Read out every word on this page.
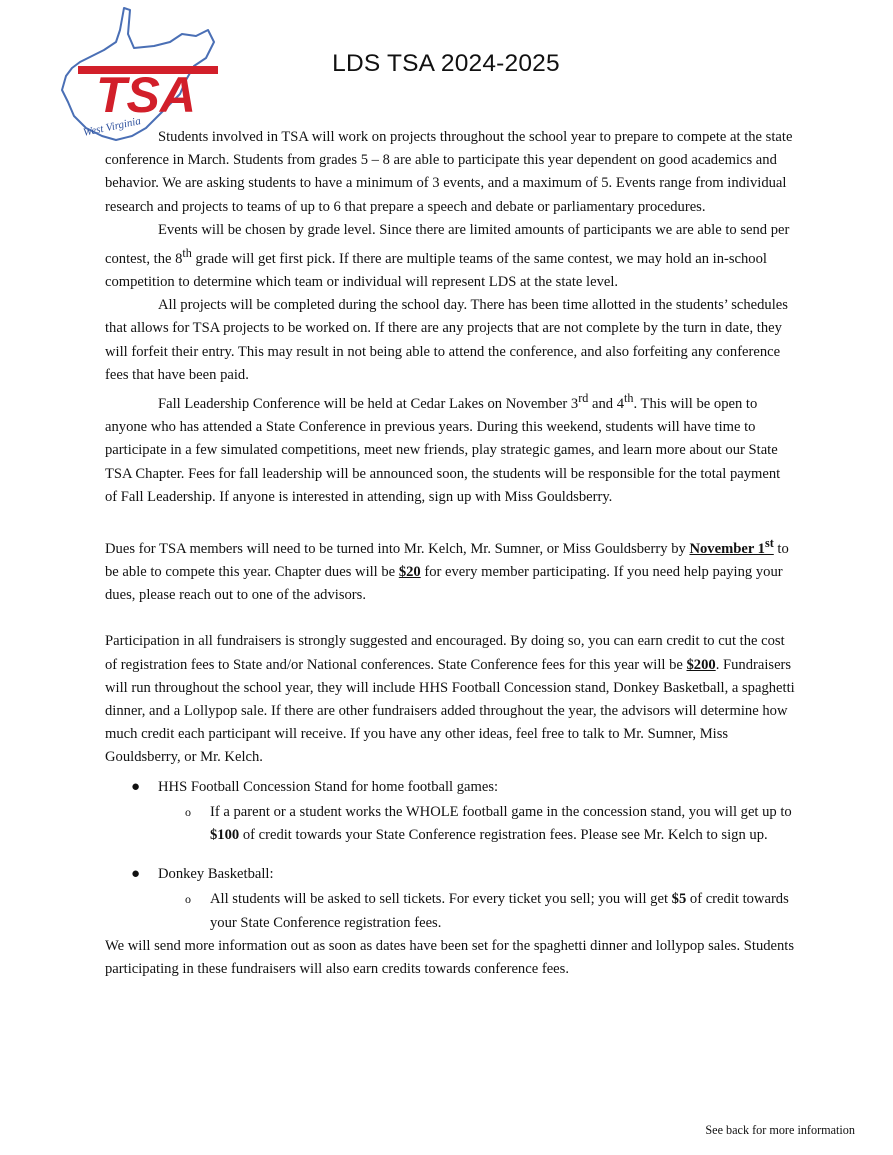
TSA
West Virginia
LDS TSA 2024-2025

Students involved in TSA will work on projects throughout the school year to prepare to compete at the state conference in March. Students from grades 5 – 8 are able to participate this year dependent on good academics and behavior. We are asking students to have a minimum of 3 events, and a maximum of 5. Events range from individual research and projects to teams of up to 6 that prepare a speech and debate or parliamentary procedures.

Events will be chosen by grade level. Since there are limited amounts of participants we are able to send per contest, the 8th grade will get first pick. If there are multiple teams of the same contest, we may hold an in-school competition to determine which team or individual will represent LDS at the state level.

All projects will be completed during the school day. There has been time allotted in the students’ schedules that allows for TSA projects to be worked on. If there are any projects that are not complete by the turn in date, they will forfeit their entry. This may result in not being able to attend the conference, and also forfeiting any conference fees that have been paid.

Fall Leadership Conference will be held at Cedar Lakes on November 3rd and 4th. This will be open to anyone who has attended a State Conference in previous years. During this weekend, students will have time to participate in a few simulated competitions, meet new friends, play strategic games, and learn more about our State TSA Chapter. Fees for fall leadership will be announced soon, the students will be responsible for the total payment of Fall Leadership. If anyone is interested in attending, sign up with Miss Gouldsberry.

Dues for TSA members will need to be turned into Mr. Kelch, Mr. Sumner, or Miss Gouldsberry by November 1st to be able to compete this year. Chapter dues will be $20 for every member participating. If you need help paying your dues, please reach out to one of the advisors.

Participation in all fundraisers is strongly suggested and encouraged. By doing so, you can earn credit to cut the cost of registration fees to State and/or National conferences. State Conference fees for this year will be $200. Fundraisers will run throughout the school year, they will include HHS Football Concession stand, Donkey Basketball, a spaghetti dinner, and a Lollypop sale. If there are other fundraisers added throughout the year, the advisors will determine how much credit each participant will receive. If you have any other ideas, feel free to talk to Mr. Sumner, Miss Gouldsberry, or Mr. Kelch.

● HHS Football Concession Stand for home football games:
o If a parent or a student works the WHOLE football game in the concession stand, you will get up to $100 of credit towards your State Conference registration fees. Please see Mr. Kelch to sign up.
● Donkey Basketball:
o All students will be asked to sell tickets. For every ticket you sell; you will get $5 of credit towards your State Conference registration fees.

We will send more information out as soon as dates have been set for the spaghetti dinner and lollypop sales. Students participating in these fundraisers will also earn credits towards conference fees.

See back for more information
